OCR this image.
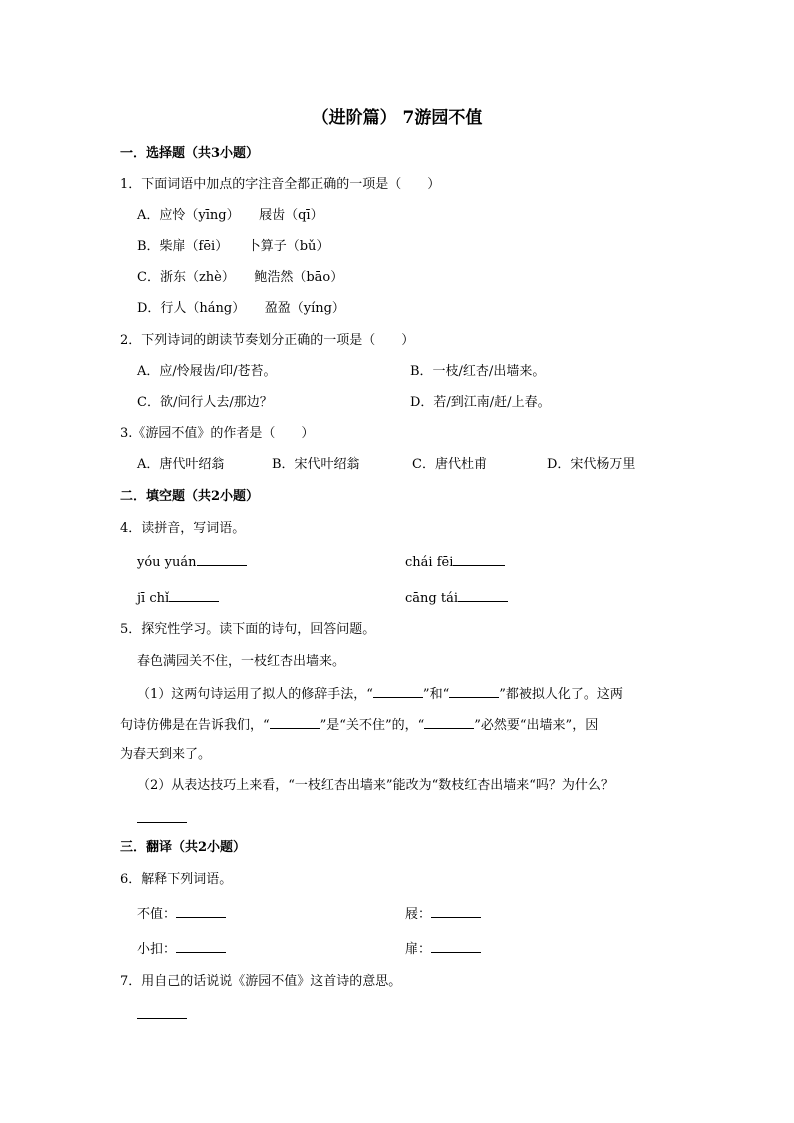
（进阶篇） 7游园不值
一．选择题（共3小题）
1．下面词语中加点的字注音全都正确的一项是（　　）
A．应怜（yīng）　　屐齿（qī）
B．柴扉（fēi）　　卜算子（bǔ）
C．浙东（zhè）　　鲍浩然（bāo）
D．行人（háng）　　盈盈（yíng）
2．下列诗词的朗读节奏划分正确的一项是（　　）
A．应/怜屐齿/印/苍苔。	B．一枝/红杏/出墙来。
C．欲/问行人去/那边？	D．若/到江南/赶/上春。
3.《游园不值》的作者是（　　）
A．唐代叶绍翁	B．宋代叶绍翁	C．唐代杜甫	D．宋代杨万里
二．填空题（共2小题）
4．读拼音，写词语。
yóu yuán	chái fēi
jī chǐ	cāng tái
5．探究性学习。读下面的诗句，回答问题。
春色满园关不住，一枝红杏出墙来。
（1）这两句诗运用了拟人的修辞手法，“	”和“	”都被拟人化了。这两
句诗仿佛是在告诉我们，“	”是“关不住”的，“	”必然要“出墙来”，因
为春天到来了。
（2）从表达技巧上来看，“一枝红杏出墙来”能改为“数枝红杏出墙来“吗？为什么？
三．翻译（共2小题）
6．解释下列词语。
不值：	屐：
小扣：	扉：
7．用自己的话说说《游园不值》这首诗的意思。
